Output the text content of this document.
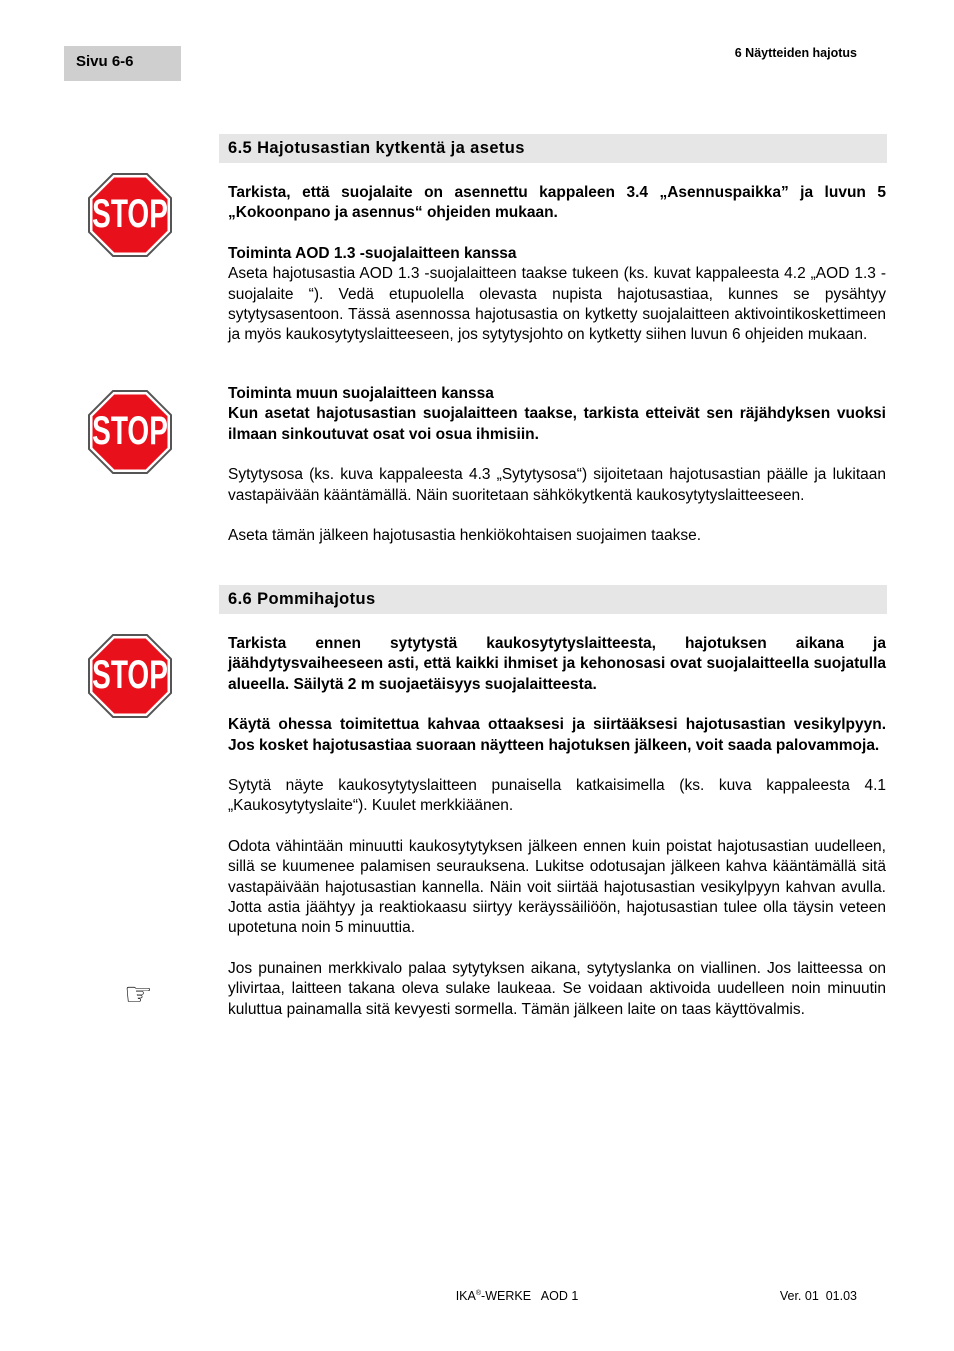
Sivu 6-6	6 Näytteiden hajotus
6.5 Hajotusastian kytkentä ja asetus
STOP	Tarkista, että suojalaite on asennettu kappaleen 3.4 „Asennuspaikka” ja luvun 5 „Kokoonpano ja asennus“ ohjeiden mukaan.

Toiminta AOD 1.3 -suojalaitteen kanssa

Aseta hajotusastia AOD 1.3 -suojalaitteen taakse tukeen (ks. kuvat kappaleesta 4.2 „AOD 1.3 -suojalaite “). Vedä etupuolella olevasta nupista hajotusastiaa, kunnes se pysähtyy sytytysasentoon. Tässä asennossa hajotusastia on kytketty suojalaitteen aktivointikoskettimeen ja myös kaukosytytyslaitteeseen, jos sytytysjohto on kytketty siihen luvun 6 ohjeiden mukaan.

STOP

Toiminta muun suojalaitteen kanssa

Kun asetat hajotusastian suojalaitteen taakse, tarkista etteivät sen räjähdyksen vuoksi ilmaan sinkoutuvat osat voi osua ihmisiin.

Sytytysosa (ks. kuva kappaleesta 4.3 „Sytytysosa“) sijoitetaan hajotusastian päälle ja lukitaan vastapäivään kääntämällä. Näin suoritetaan sähkökytkentä kaukosytytyslaitteeseen.

Aseta tämän jälkeen hajotusastia henkiökohtaisen suojaimen taakse.

6.6 Pommihajotus
STOP

Tarkista ennen sytytystä kaukosytytyslaitteesta, hajotuksen aikana ja jäähdytysvaiheeseen asti, että kaikki ihmiset ja kehonosasi ovat suojalaitteella suojatulla alueella. Säilytä 2 m suojaetäisyys suojalaitteesta.

Käytä ohessa toimitettua kahvaa ottaaksesi ja siirtääksesi hajotusastian vesikylpyyn. Jos kosket hajotusastiaa suoraan näytteen hajotuksen jälkeen, voit saada palovammoja.

Sytytä näyte kaukosytytyslaitteen punaisella katkaisimella (ks. kuva kappaleesta 4.1 „Kaukosytytyslaite“). Kuulet merkkiäänen.

Odota vähintään minuutti kaukosytytyksen jälkeen ennen kuin poistat hajotusastian uudelleen, sillä se kuumenee palamisen seurauksena. Lukitse odotusajan jälkeen kahva kääntämällä sitä vastapäivään hajotusastian kannella. Näin voit siirtää hajotusastian vesikylpyyn kahvan avulla. Jotta astia jäähtyy ja reaktiokaasu siirtyy keräyssäiliöön, hajotusastian tulee olla täysin veteen upotetuna noin 5 minuuttia.

Jos punainen merkkivalo palaa sytytyksen aikana, sytytyslanka on viallinen. Jos laitteessa on ylivirtaa, laitteen takana oleva sulake laukeaa. Se voidaan aktivoida uudelleen noin minuutin kuluttua painamalla sitä kevyesti sormella. Tämän jälkeen laite on taas käyttövalmis.

☞
IKA®-WERKE   AOD 1	Ver. 01  01.03
